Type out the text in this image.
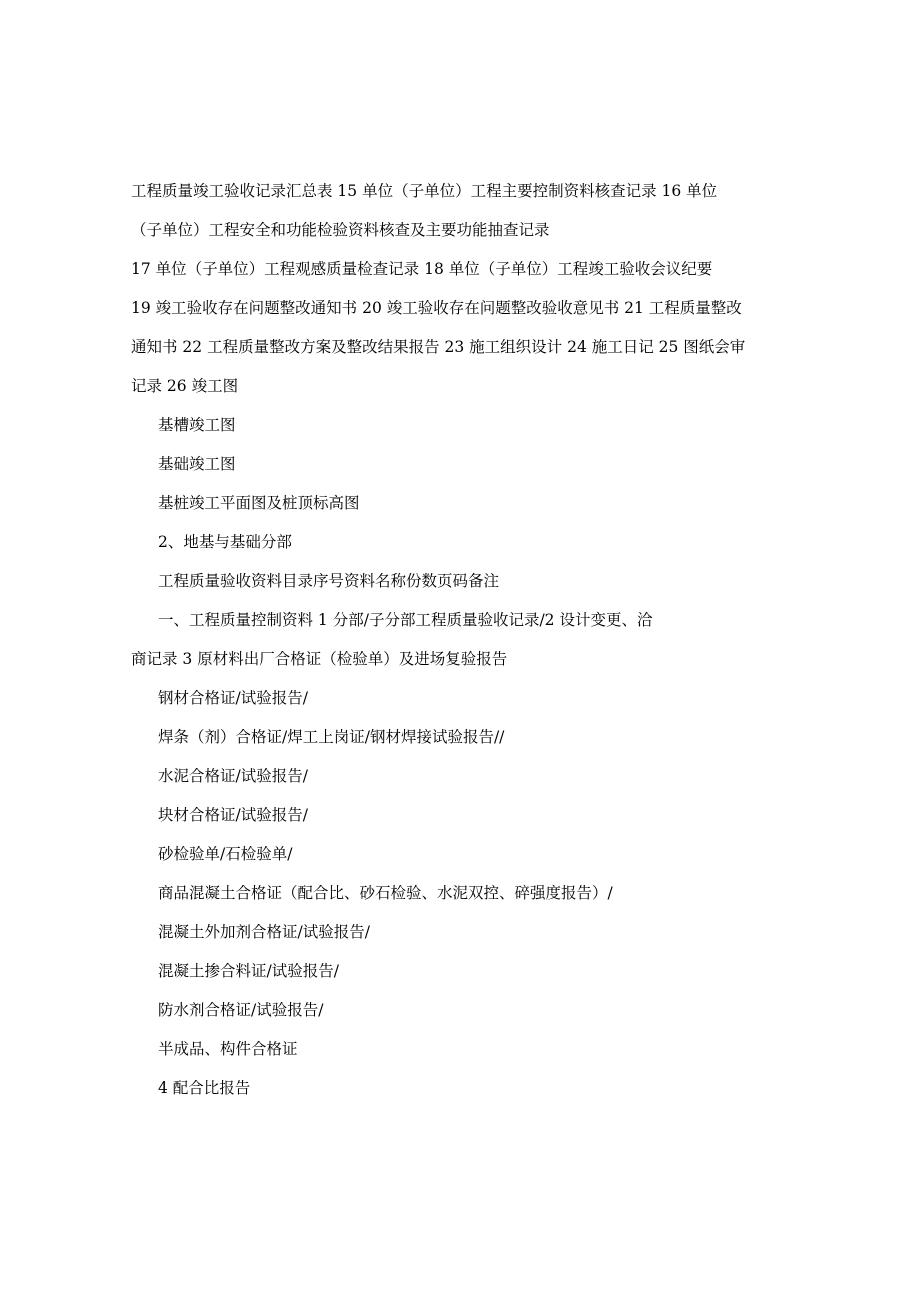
工程质量竣工验收记录汇总表 15 单位（子单位）工程主要控制资料核查记录 16 单位
（子单位）工程安全和功能检验资料核查及主要功能抽查记录
17 单位（子单位）工程观感质量检查记录 18 单位（子单位）工程竣工验收会议纪要
19 竣工验收存在问题整改通知书 20 竣工验收存在问题整改验收意见书 21 工程质量整改
通知书 22 工程质量整改方案及整改结果报告 23 施工组织设计 24 施工日记 25 图纸会审
记录 26 竣工图
基槽竣工图
基础竣工图
基桩竣工平面图及桩顶标高图
2、地基与基础分部
工程质量验收资料目录序号资料名称份数页码备注
一、工程质量控制资料 1 分部/子分部工程质量验收记录/2 设计变更、洽
商记录 3 原材料出厂合格证（检验单）及进场复验报告
钢材合格证/试验报告/
焊条（剂）合格证/焊工上岗证/钢材焊接试验报告//
水泥合格证/试验报告/
块材合格证/试验报告/
砂检验单/石检验单/
商品混凝土合格证（配合比、砂石检验、水泥双控、碎强度报告）/
混凝土外加剂合格证/试验报告/
混凝土掺合料证/试验报告/
防水剂合格证/试验报告/
半成品、构件合格证
4 配合比报告
